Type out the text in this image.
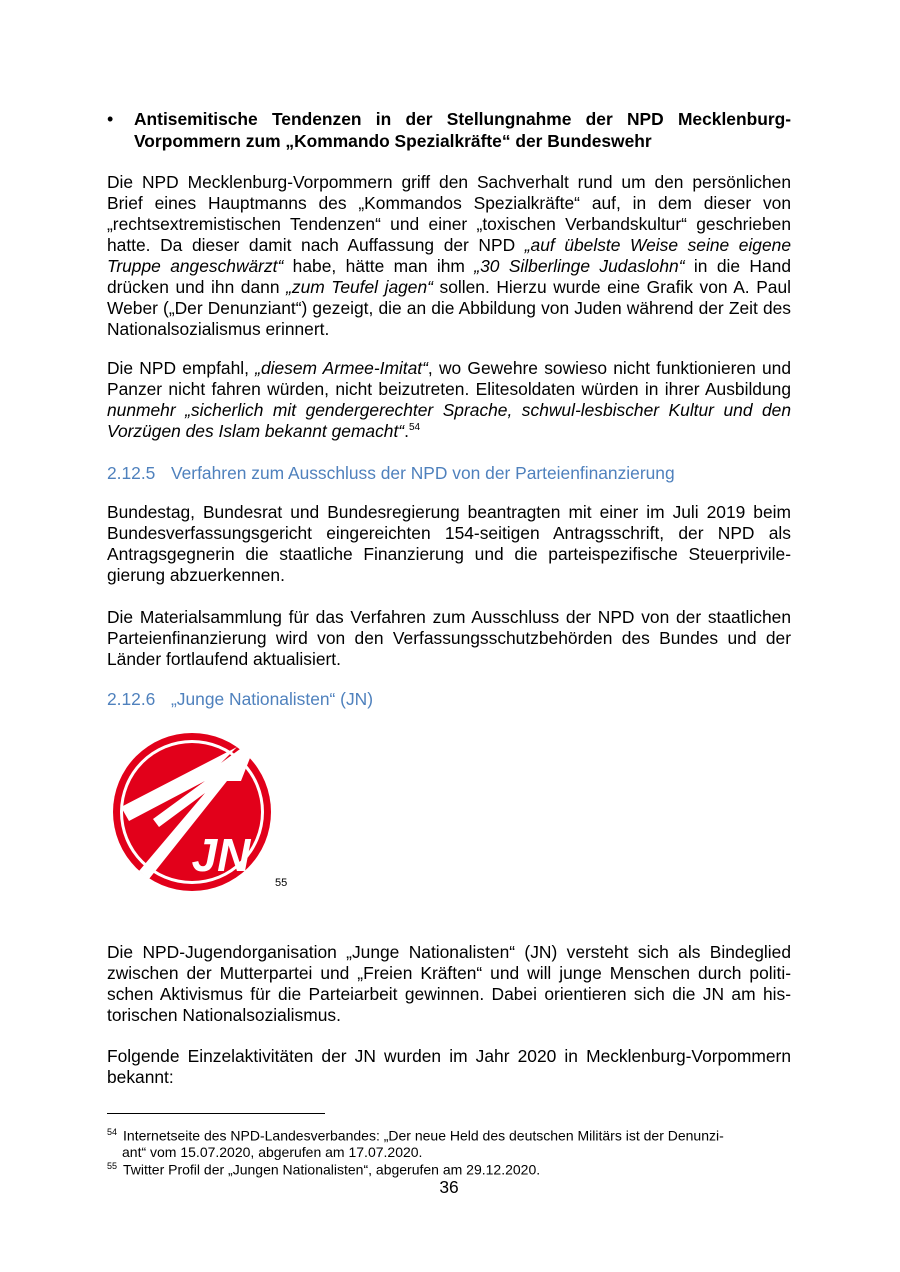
• Antisemitische Tendenzen in der Stellungnahme der NPD Mecklenburg-Vorpommern zum „Kommando Spezialkräfte“ der Bundeswehr

Die NPD Mecklenburg-Vorpommern griff den Sachverhalt rund um den persönlichen Brief eines Hauptmanns des „Kommandos Spezialkräfte“ auf, in dem dieser von „rechtsextremistischen Tendenzen“ und einer „toxischen Verbandskultur“ geschrieben hatte. Da dieser damit nach Auffassung der NPD „auf übelste Weise seine eigene Truppe angeschwärzt“ habe, hätte man ihm „30 Silberlinge Judaslohn“ in die Hand drücken und ihn dann „zum Teufel jagen“ sollen. Hierzu wurde eine Grafik von A. Paul Weber („Der Denunziant“) gezeigt, die an die Abbildung von Juden während der Zeit des Nationalsozialismus erinnert.

Die NPD empfahl, „diesem Armee-Imitat“, wo Gewehre sowieso nicht funktionieren und Panzer nicht fahren würden, nicht beizutreten. Elitesoldaten würden in ihrer Ausbildung nunmehr „sicherlich mit gendergerechter Sprache, schwul-lesbischer Kultur und den Vorzügen des Islam bekannt gemacht“.$^{54}$

2.12.5 Verfahren zum Ausschluss der NPD von der Parteienfinanzierung

Bundestag, Bundesrat und Bundesregierung beantragten mit einer im Juli 2019 beim Bundesverfassungsgericht eingereichten 154-seitigen Antragsschrift, der NPD als Antragsgegnerin die staatliche Finanzierung und die parteispezifische Steuerprivilegierung abzuerkennen.

Die Materialsammlung für das Verfahren zum Ausschluss der NPD von der staatlichen Parteienfinanzierung wird von den Verfassungsschutzbehörden des Bundes und der Länder fortlaufend aktualisiert.

2.12.6 „Junge Nationalisten“ (JN)
JN
55

Die NPD-Jugendorganisation „Junge Nationalisten“ (JN) versteht sich als Bindeglied zwischen der Mutterpartei und „Freien Kräften“ und will junge Menschen durch politischen Aktivismus für die Parteiarbeit gewinnen. Dabei orientieren sich die JN am historischen Nationalsozialismus.

Folgende Einzelaktivitäten der JN wurden im Jahr 2020 in Mecklenburg-Vorpommern bekannt:

$^{54}$ Internetseite des NPD-Landesverbandes: „Der neue Held des deutschen Militärs ist der Denunzi-
ant“ vom 15.07.2020, abgerufen am 17.07.2020.
$^{55}$ Twitter Profil der „Jungen Nationalisten“, abgerufen am 29.12.2020.
36
